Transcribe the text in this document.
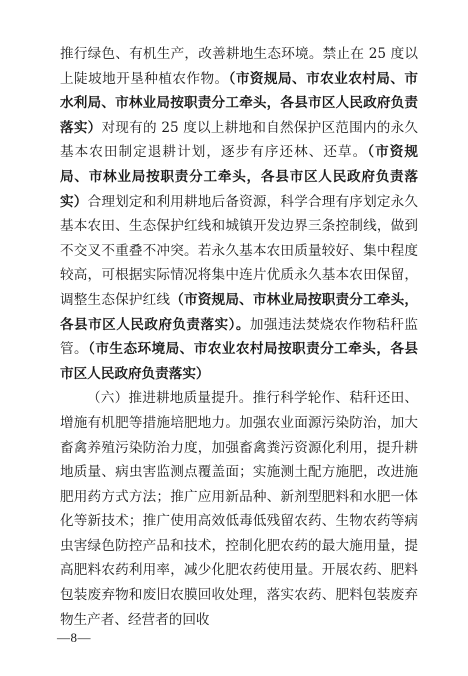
推行绿色、有机生产，改善耕地生态环境。禁止在 25 度以上陡坡地开垦种植农作物。（市资规局、市农业农村局、市水利局、市林业局按职责分工牵头，各县市区人民政府负责落实）对现有的 25 度以上耕地和自然保护区范围内的永久基本农田制定退耕计划，逐步有序还林、还草。（市资规局、市林业局按职责分工牵头，各县市区人民政府负责落实）合理划定和利用耕地后备资源，科学合理有序划定永久基本农田、生态保护红线和城镇开发边界三条控制线，做到不交叉不重叠不冲突。若永久基本农田质量较好、集中程度较高，可根据实际情况将集中连片优质永久基本农田保留，调整生态保护红线（市资规局、市林业局按职责分工牵头，各县市区人民政府负责落实）。加强违法焚烧农作物秸秆监管。（市生态环境局、市农业农村局按职责分工牵头，各县市区人民政府负责落实）

（六）推进耕地质量提升。推行科学轮作、秸秆还田、增施有机肥等措施培肥地力。加强农业面源污染防治，加大畜禽养殖污染防治力度，加强畜禽粪污资源化利用，提升耕地质量、病虫害监测点覆盖面；实施测土配方施肥，改进施肥用药方式方法；推广应用新品种、新剂型肥料和水肥一体化等新技术；推广使用高效低毒低残留农药、生物农药等病虫害绿色防控产品和技术，控制化肥农药的最大施用量，提高肥料农药利用率，减少化肥农药使用量。开展农药、肥料包装废弃物和废旧农膜回收处理，落实农药、肥料包装废弃物生产者、经营者的回收

—8—
